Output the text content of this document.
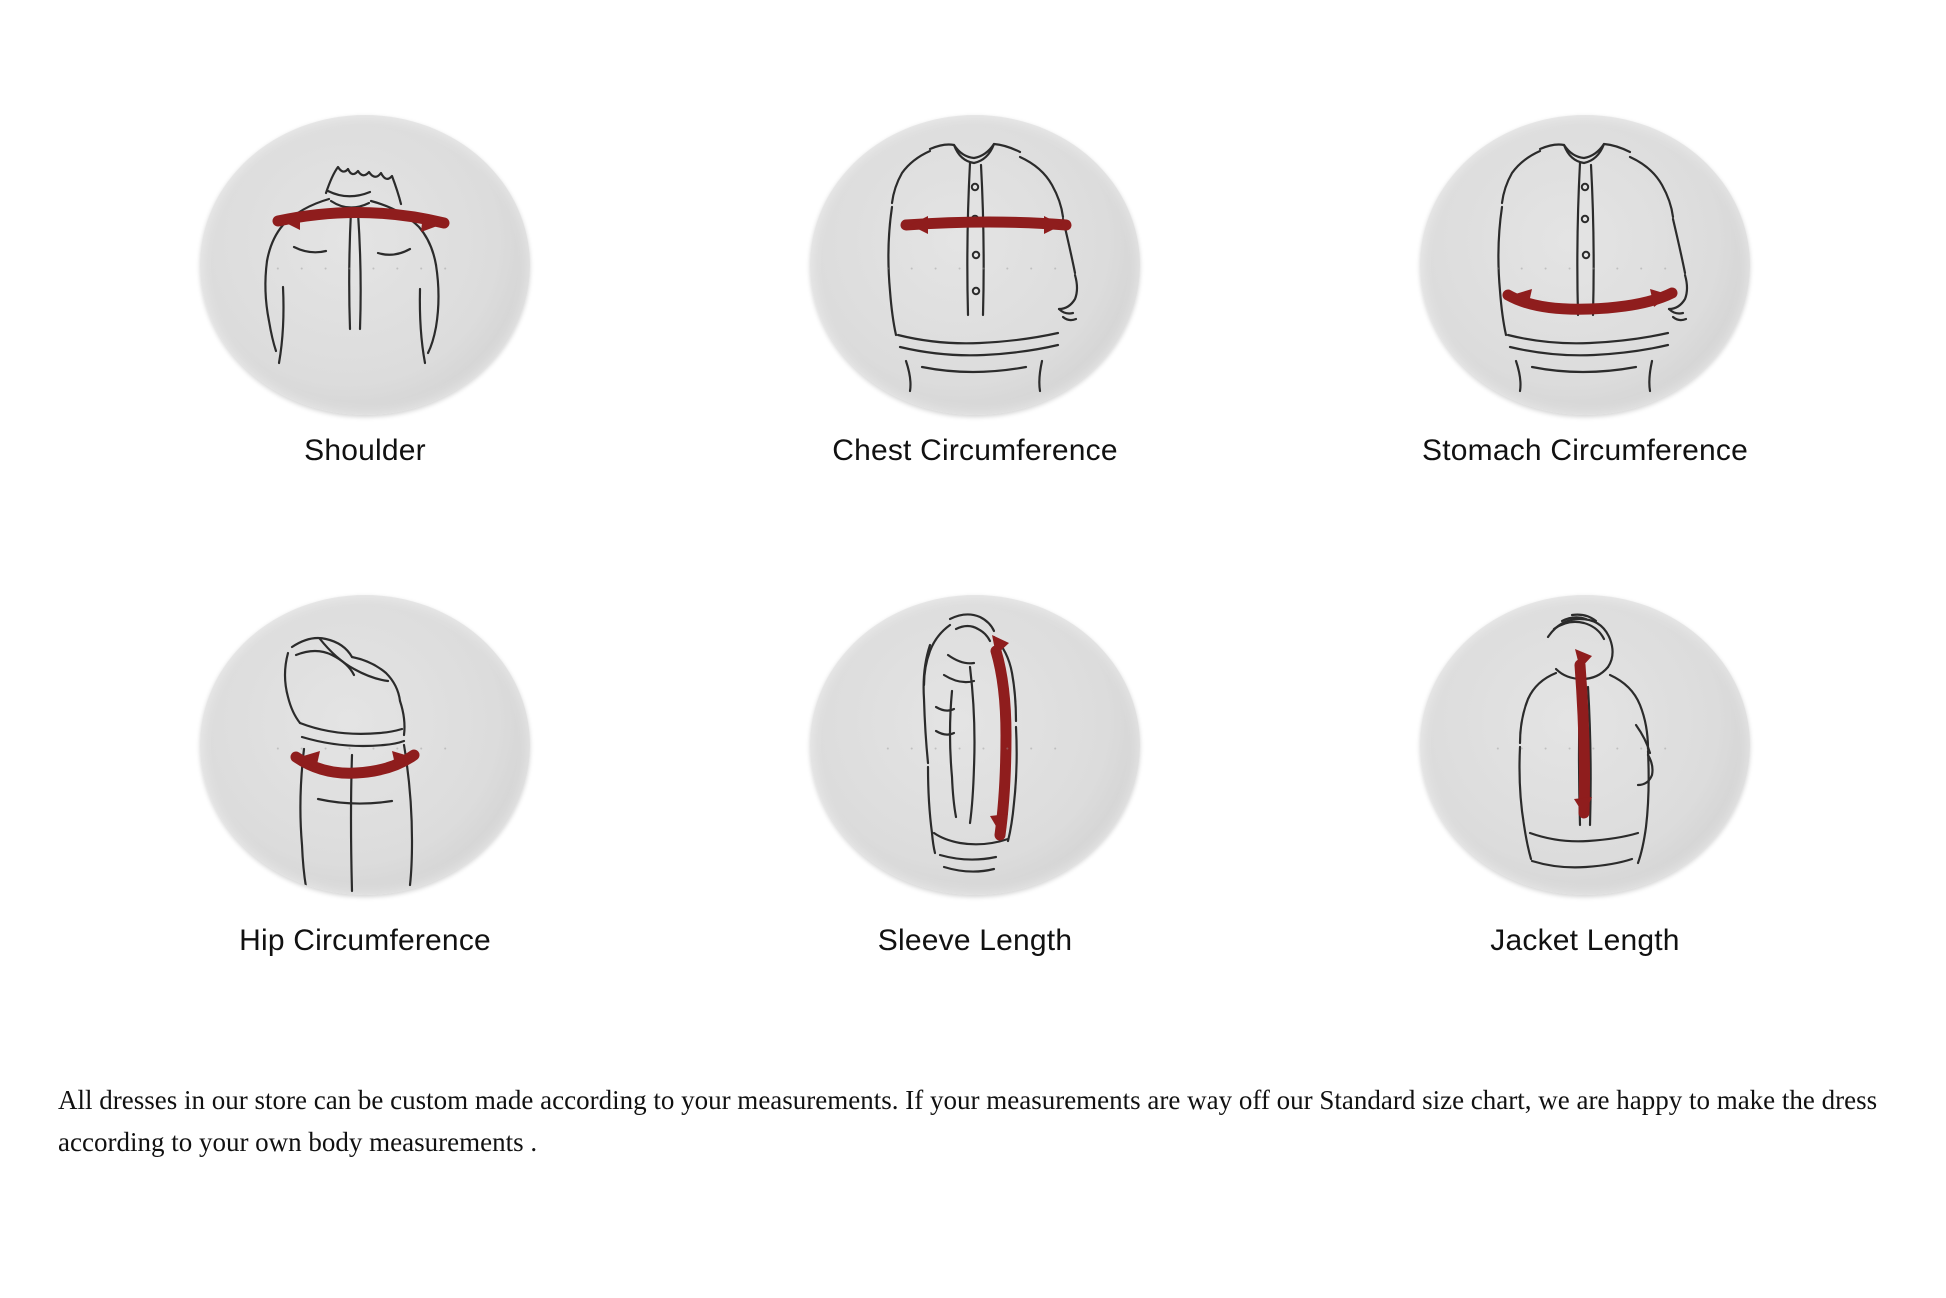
· · · · · · · ·
Shoulder
· · · · · · · ·
Chest Circumference
· · · · · · · ·
Stomach Circumference
· · · · · · · ·
Hip Circumference
· · · · · · · ·
Sleeve Length
· · · · · · · ·
Jacket Length
All dresses in our store can be custom made according to your measurements. If your measurements are way off our Standard size chart, we are happy to make the dress according to your own body measurements .
